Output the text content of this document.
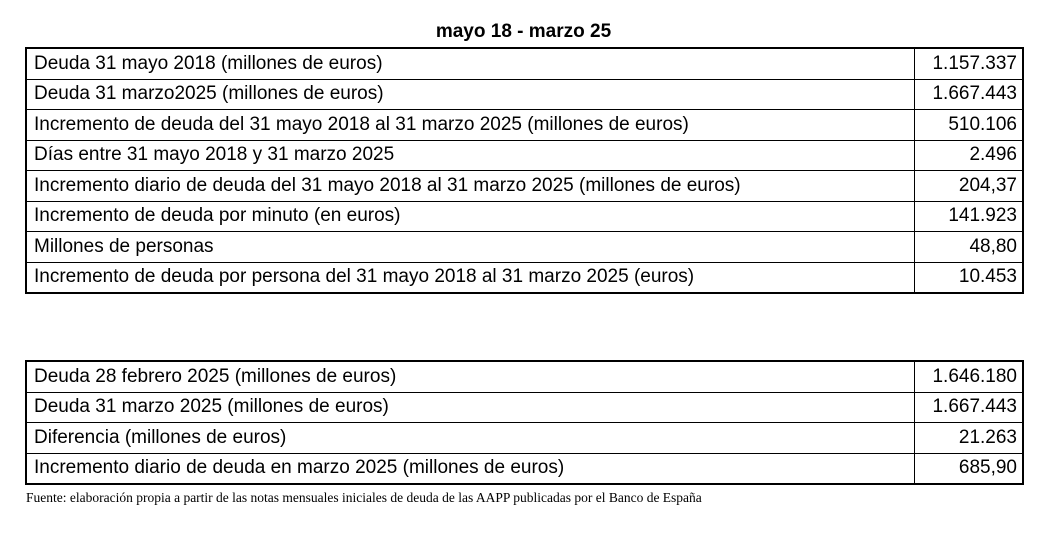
mayo 18 - marzo 25
Deuda 31 mayo 2018 (millones de euros)	1.157.337
Deuda 31 marzo2025 (millones de euros)	1.667.443
Incremento de deuda del 31 mayo 2018 al 31 marzo 2025 (millones de euros)	510.106
Días entre 31 mayo 2018 y 31 marzo 2025	2.496
Incremento diario de deuda del 31 mayo 2018 al 31 marzo 2025 (millones de euros)	204,37
Incremento de deuda por minuto (en euros)	141.923
Millones de personas	48,80
Incremento de deuda por persona del 31 mayo 2018 al 31 marzo 2025 (euros)	10.453
Deuda 28 febrero 2025 (millones de euros)	1.646.180
Deuda 31 marzo 2025 (millones de euros)	1.667.443
Diferencia (millones de euros)	21.263
Incremento diario de deuda en marzo 2025 (millones de euros)	685,90
Fuente: elaboración propia a partir de las notas mensuales iniciales de deuda de las AAPP publicadas por el Banco de España
